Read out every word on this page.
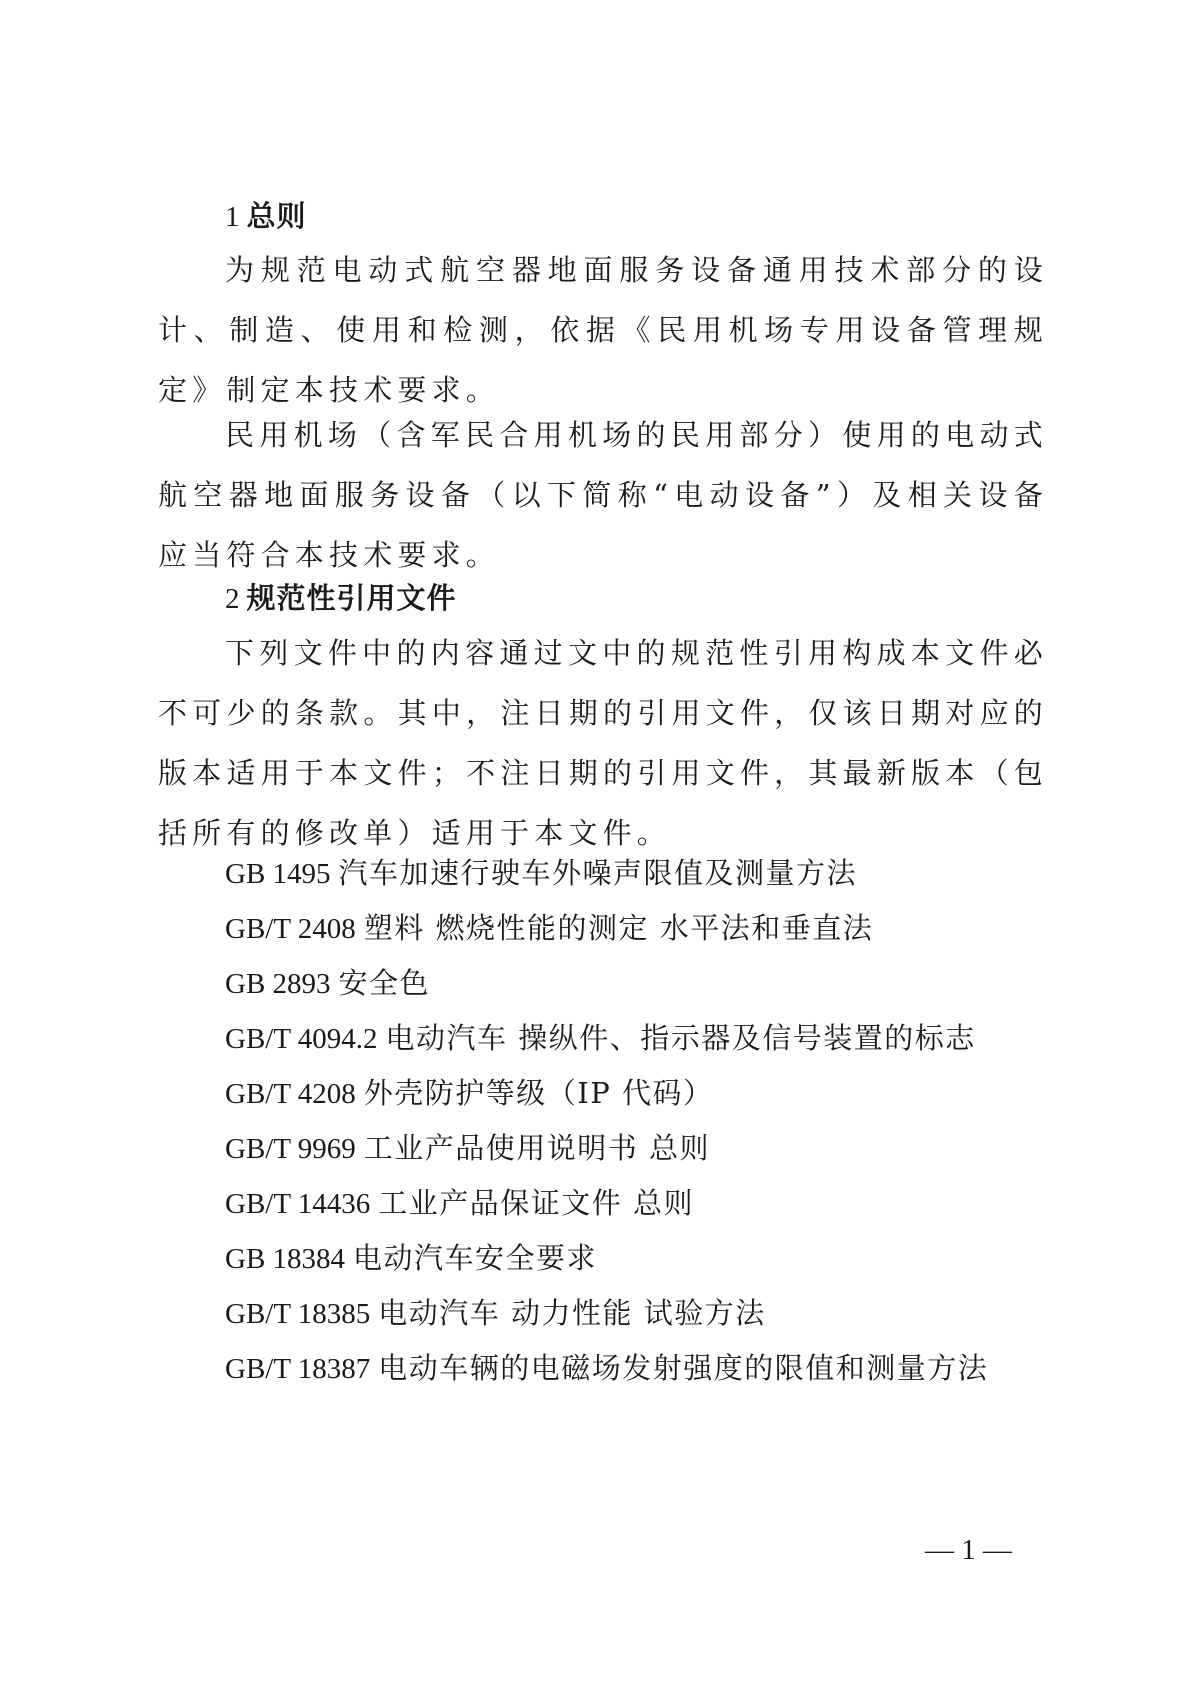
1 总则

为规范电动式航空器地面服务设备通用技术部分的设计、制造、使用和检测，依据《民用机场专用设备管理规定》制定本技术要求。

民用机场（含军民合用机场的民用部分）使用的电动式航空器地面服务设备（以下简称“电动设备”）及相关设备应当符合本技术要求。

2 规范性引用文件

下列文件中的内容通过文中的规范性引用构成本文件必不可少的条款。其中，注日期的引用文件，仅该日期对应的版本适用于本文件；不注日期的引用文件，其最新版本（包括所有的修改单）适用于本文件。

GB 1495 汽车加速行驶车外噪声限值及测量方法
GB/T 2408 塑料 燃烧性能的测定 水平法和垂直法
GB 2893 安全色
GB/T 4094.2 电动汽车 操纵件、指示器及信号装置的标志
GB/T 4208 外壳防护等级（IP 代码）
GB/T 9969 工业产品使用说明书 总则
GB/T 14436 工业产品保证文件 总则
GB 18384 电动汽车安全要求
GB/T 18385 电动汽车 动力性能 试验方法
GB/T 18387 电动车辆的电磁场发射强度的限值和测量方法
— 1 —
